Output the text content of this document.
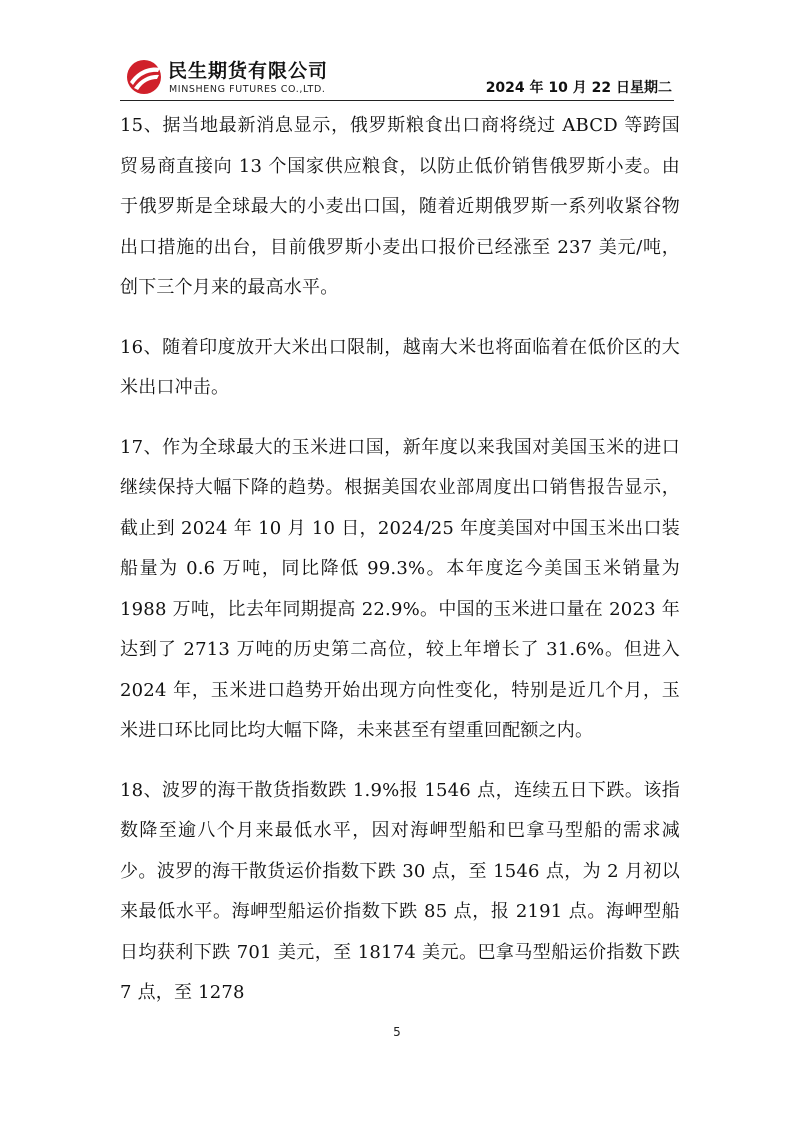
民生期货有限公司
MINSHENG FUTURES CO.,LTD.	2024 年 10 月 22 日星期二

15、据当地最新消息显示，俄罗斯粮食出口商将绕过 ABCD 等跨国贸易商直接向 13 个国家供应粮食，以防止低价销售俄罗斯小麦。由于俄罗斯是全球最大的小麦出口国，随着近期俄罗斯一系列收紧谷物出口措施的出台，目前俄罗斯小麦出口报价已经涨至 237 美元/吨，创下三个月来的最高水平。

16、随着印度放开大米出口限制，越南大米也将面临着在低价区的大米出口冲击。

17、作为全球最大的玉米进口国，新年度以来我国对美国玉米的进口继续保持大幅下降的趋势。根据美国农业部周度出口销售报告显示，截止到 2024 年 10 月 10 日，2024/25 年度美国对中国玉米出口装船量为 0.6 万吨，同比降低 99.3%。本年度迄今美国玉米销量为 1988 万吨，比去年同期提高 22.9%。中国的玉米进口量在 2023 年达到了 2713 万吨的历史第二高位，较上年增长了 31.6%。但进入 2024 年，玉米进口趋势开始出现方向性变化，特别是近几个月，玉米进口环比同比均大幅下降，未来甚至有望重回配额之内。

18、波罗的海干散货指数跌 1.9%报 1546 点，连续五日下跌。该指数降至逾八个月来最低水平，因对海岬型船和巴拿马型船的需求减少。波罗的海干散货运价指数下跌 30 点，至 1546 点，为 2 月初以来最低水平。海岬型船运价指数下跌 85 点，报 2191 点。海岬型船日均获利下跌 701 美元，至 18174 美元。巴拿马型船运价指数下跌 7 点，至 1278

5
